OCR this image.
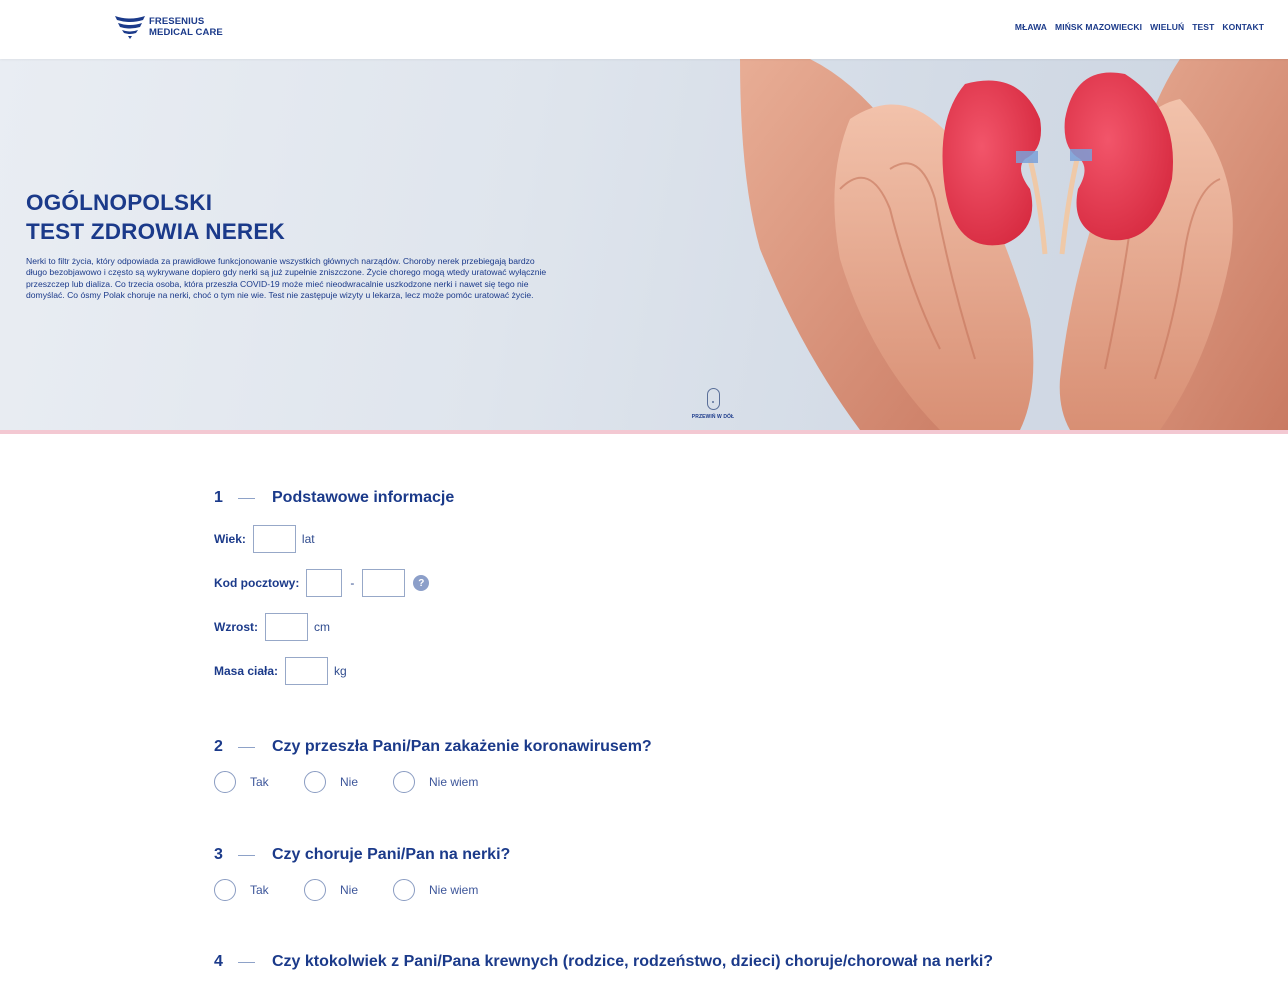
FRESENIUS
MEDICAL CARE	MŁAWA MIŃSK MAZOWIECKI WIELUŃ TEST KONTAKT
OGÓLNOPOLSKI
TEST ZDROWIA NEREK

Nerki to filtr życia, który odpowiada za prawidłowe funkcjonowanie wszystkich głównych narządów. Choroby nerek przebiegają bardzo długo bezobjawowo i często są wykrywane dopiero gdy nerki są już zupełnie zniszczone. Życie chorego mogą wtedy uratować wyłącznie przeszczep lub dializa. Co trzecia osoba, która przeszła COVID-19 może mieć nieodwracalnie uszkodzone nerki i nawet się tego nie domyślać. Co ósmy Polak choruje na nerki, choć o tym nie wie. Test nie zastępuje wizyty u lekarza, lecz może pomóc uratować życie.

PRZEWIŃ W DÓŁ
1	Podstawowe informacje
Wiek:	lat
Kod pocztowy:	-	?
Wzrost:	cm
Masa ciała:	kg
2	Czy przeszła Pani/Pan zakażenie koronawirusem?
Tak	Nie	Nie wiem
3	Czy choruje Pani/Pan na nerki?
Tak	Nie	Nie wiem
4	Czy ktokolwiek z Pani/Pana krewnych (rodzice, rodzeństwo, dzieci) choruje/chorował na nerki?
